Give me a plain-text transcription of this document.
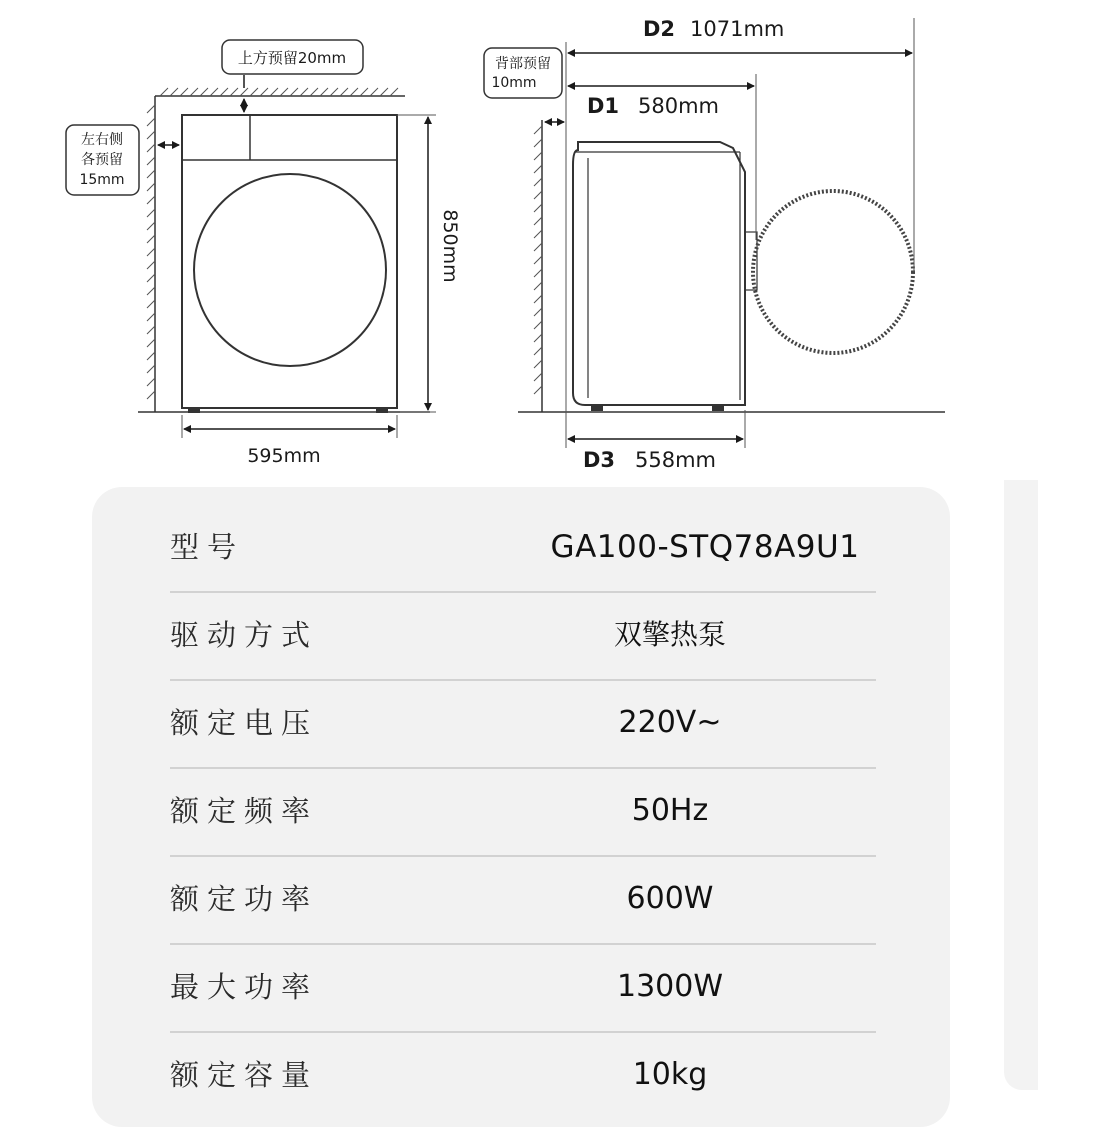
上方预留20mm
左右侧
各预留
15mm
850mm
595mm
背部预留
10mm
D2 1071mm
D1 580mm
D3 558mm
型号	GA100-STQ78A9U1
驱动方式	双擎热泵
额定电压	220V~
额定频率	50Hz
额定功率	600W
最大功率	1300W
额定容量	10kg
